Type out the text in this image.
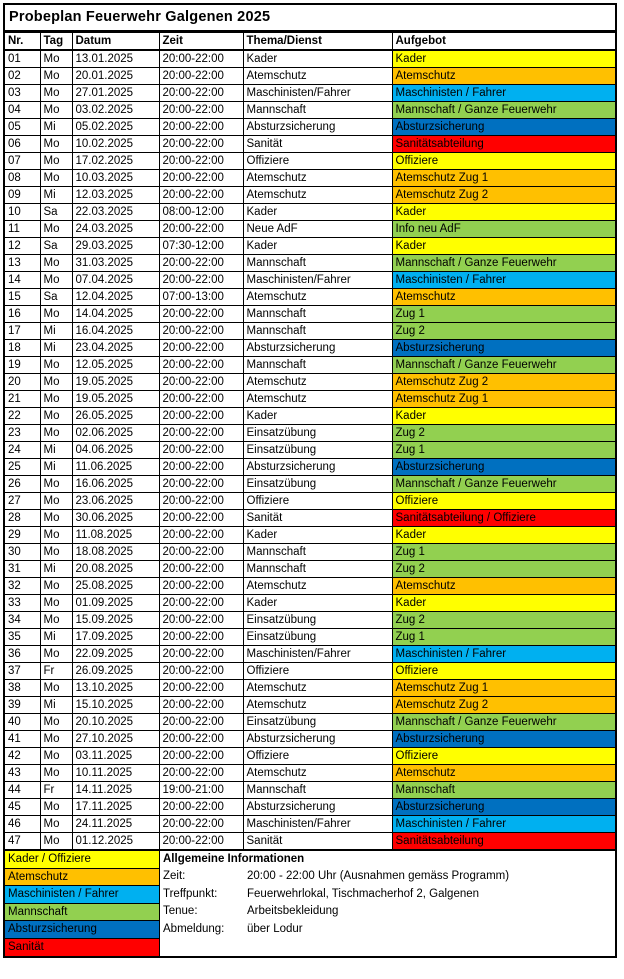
Probeplan Feuerwehr Galgenen 2025
Nr.	Tag	Datum	Zeit	Thema/Dienst	Aufgebot
01	Mo	13.01.2025	20:00-22:00	Kader	Kader
02	Mo	20.01.2025	20:00-22:00	Atemschutz	Atemschutz
03	Mo	27.01.2025	20:00-22:00	Maschinisten/Fahrer	Maschinisten / Fahrer
04	Mo	03.02.2025	20:00-22:00	Mannschaft	Mannschaft / Ganze Feuerwehr
05	Mi	05.02.2025	20:00-22:00	Absturzsicherung	Absturzsicherung
06	Mo	10.02.2025	20:00-22:00	Sanität	Sanitätsabteilung
07	Mo	17.02.2025	20:00-22:00	Offiziere	Offiziere
08	Mo	10.03.2025	20:00-22:00	Atemschutz	Atemschutz Zug 1
09	Mi	12.03.2025	20:00-22:00	Atemschutz	Atemschutz Zug 2
10	Sa	22.03.2025	08:00-12:00	Kader	Kader
11	Mo	24.03.2025	20:00-22:00	Neue AdF	Info neu AdF
12	Sa	29.03.2025	07:30-12:00	Kader	Kader
13	Mo	31.03.2025	20:00-22:00	Mannschaft	Mannschaft / Ganze Feuerwehr
14	Mo	07.04.2025	20:00-22:00	Maschinisten/Fahrer	Maschinisten / Fahrer
15	Sa	12.04.2025	07:00-13:00	Atemschutz	Atemschutz
16	Mo	14.04.2025	20:00-22:00	Mannschaft	Zug 1
17	Mi	16.04.2025	20:00-22:00	Mannschaft	Zug 2
18	Mi	23.04.2025	20:00-22:00	Absturzsicherung	Absturzsicherung
19	Mo	12.05.2025	20:00-22:00	Mannschaft	Mannschaft / Ganze Feuerwehr
20	Mo	19.05.2025	20:00-22:00	Atemschutz	Atemschutz Zug 2
21	Mo	19.05.2025	20:00-22:00	Atemschutz	Atemschutz Zug 1
22	Mo	26.05.2025	20:00-22:00	Kader	Kader
23	Mo	02.06.2025	20:00-22:00	Einsatzübung	Zug 2
24	Mi	04.06.2025	20:00-22:00	Einsatzübung	Zug 1
25	Mi	11.06.2025	20:00-22:00	Absturzsicherung	Absturzsicherung
26	Mo	16.06.2025	20:00-22:00	Einsatzübung	Mannschaft / Ganze Feuerwehr
27	Mo	23.06.2025	20:00-22:00	Offiziere	Offiziere
28	Mo	30.06.2025	20:00-22:00	Sanität	Sanitätsabteilung / Offiziere
29	Mo	11.08.2025	20:00-22:00	Kader	Kader
30	Mo	18.08.2025	20:00-22:00	Mannschaft	Zug 1
31	Mi	20.08.2025	20:00-22:00	Mannschaft	Zug 2
32	Mo	25.08.2025	20:00-22:00	Atemschutz	Atemschutz
33	Mo	01.09.2025	20:00-22:00	Kader	Kader
34	Mo	15.09.2025	20:00-22:00	Einsatzübung	Zug 2
35	Mi	17.09.2025	20:00-22:00	Einsatzübung	Zug 1
36	Mo	22.09.2025	20:00-22:00	Maschinisten/Fahrer	Maschinisten / Fahrer
37	Fr	26.09.2025	20:00-22:00	Offiziere	Offiziere
38	Mo	13.10.2025	20:00-22:00	Atemschutz	Atemschutz Zug 1
39	Mi	15.10.2025	20:00-22:00	Atemschutz	Atemschutz Zug 2
40	Mo	20.10.2025	20:00-22:00	Einsatzübung	Mannschaft / Ganze Feuerwehr
41	Mo	27.10.2025	20:00-22:00	Absturzsicherung	Absturzsicherung
42	Mo	03.11.2025	20:00-22:00	Offiziere	Offiziere
43	Mo	10.11.2025	20:00-22:00	Atemschutz	Atemschutz
44	Fr	14.11.2025	19:00-21:00	Mannschaft	Mannschaft
45	Mo	17.11.2025	20:00-22:00	Absturzsicherung	Absturzsicherung
46	Mo	24.11.2025	20:00-22:00	Maschinisten/Fahrer	Maschinisten / Fahrer
47	Mo	01.12.2025	20:00-22:00	Sanität	Sanitätsabteilung
Kader / Offiziere
Atemschutz
Maschinisten / Fahrer
Mannschaft
Absturzsicherung
Sanität
Allgemeine Informationen
Zeit:	20:00 - 22:00 Uhr (Ausnahmen gemäss Programm)
Treffpunkt:	Feuerwehrlokal, Tischmacherhof 2, Galgenen
Tenue:	Arbeitsbekleidung
Abmeldung:	über Lodur
